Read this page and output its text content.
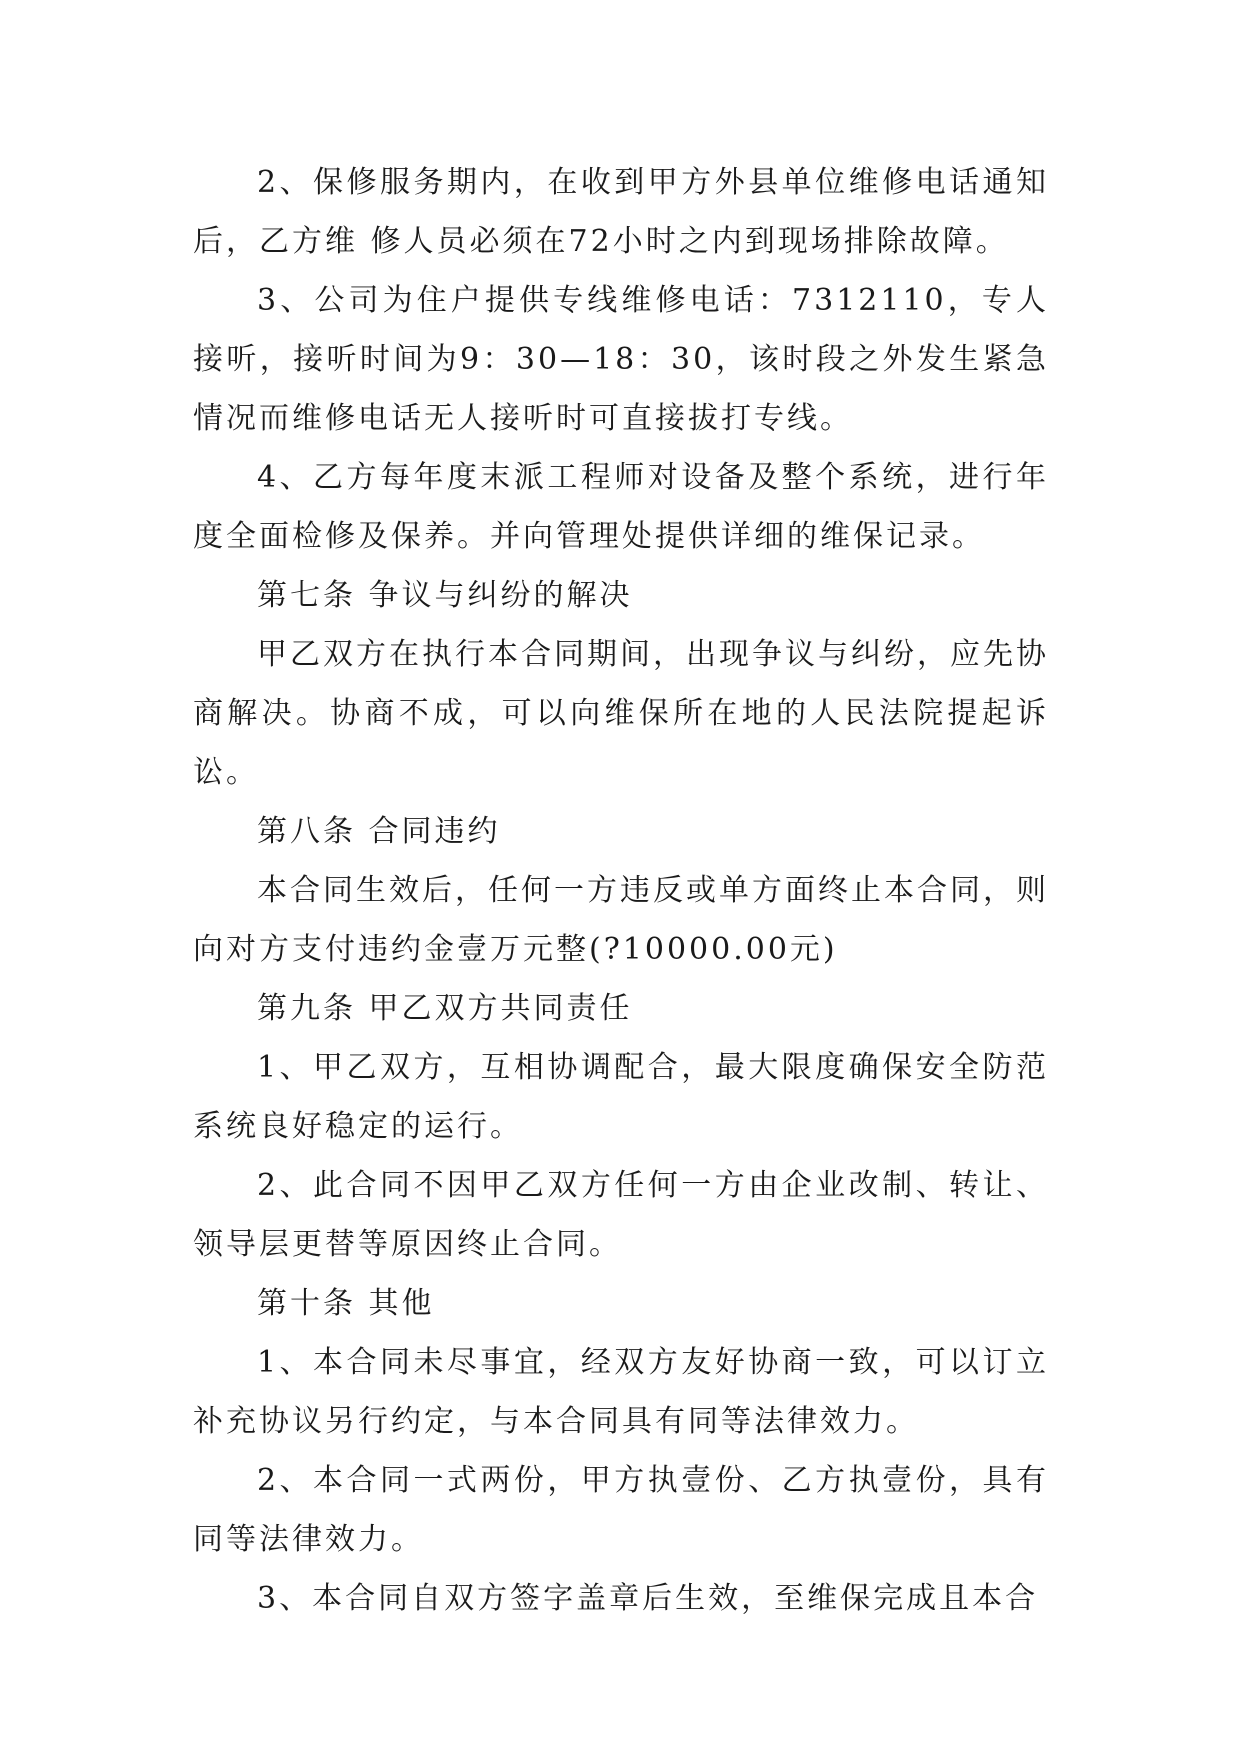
2、保修服务期内，在收到甲方外县单位维修电话通知后，乙方维 修人员必须在72小时之内到现场排除故障。

3、公司为住户提供专线维修电话：7312110，专人接听，接听时间为9：30—18：30，该时段之外发生紧急情况而维修电话无人接听时可直接拔打专线。

4、乙方每年度末派工程师对设备及整个系统，进行年度全面检修及保养。并向管理处提供详细的维保记录。

第七条 争议与纠纷的解决

甲乙双方在执行本合同期间，出现争议与纠纷，应先协商解决。协商不成，可以向维保所在地的人民法院提起诉讼。

第八条 合同违约

本合同生效后，任何一方违反或单方面终止本合同，则向对方支付违约金壹万元整(?10000.00元)

第九条 甲乙双方共同责任

1、甲乙双方，互相协调配合，最大限度确保安全防范系统良好稳定的运行。

2、此合同不因甲乙双方任何一方由企业改制、转让、领导层更替等原因终止合同。

第十条 其他

1、本合同未尽事宜，经双方友好协商一致，可以订立补充协议另行约定，与本合同具有同等法律效力。

2、本合同一式两份，甲方执壹份、乙方执壹份，具有同等法律效力。

3、本合同自双方签字盖章后生效，至维保完成且本合
